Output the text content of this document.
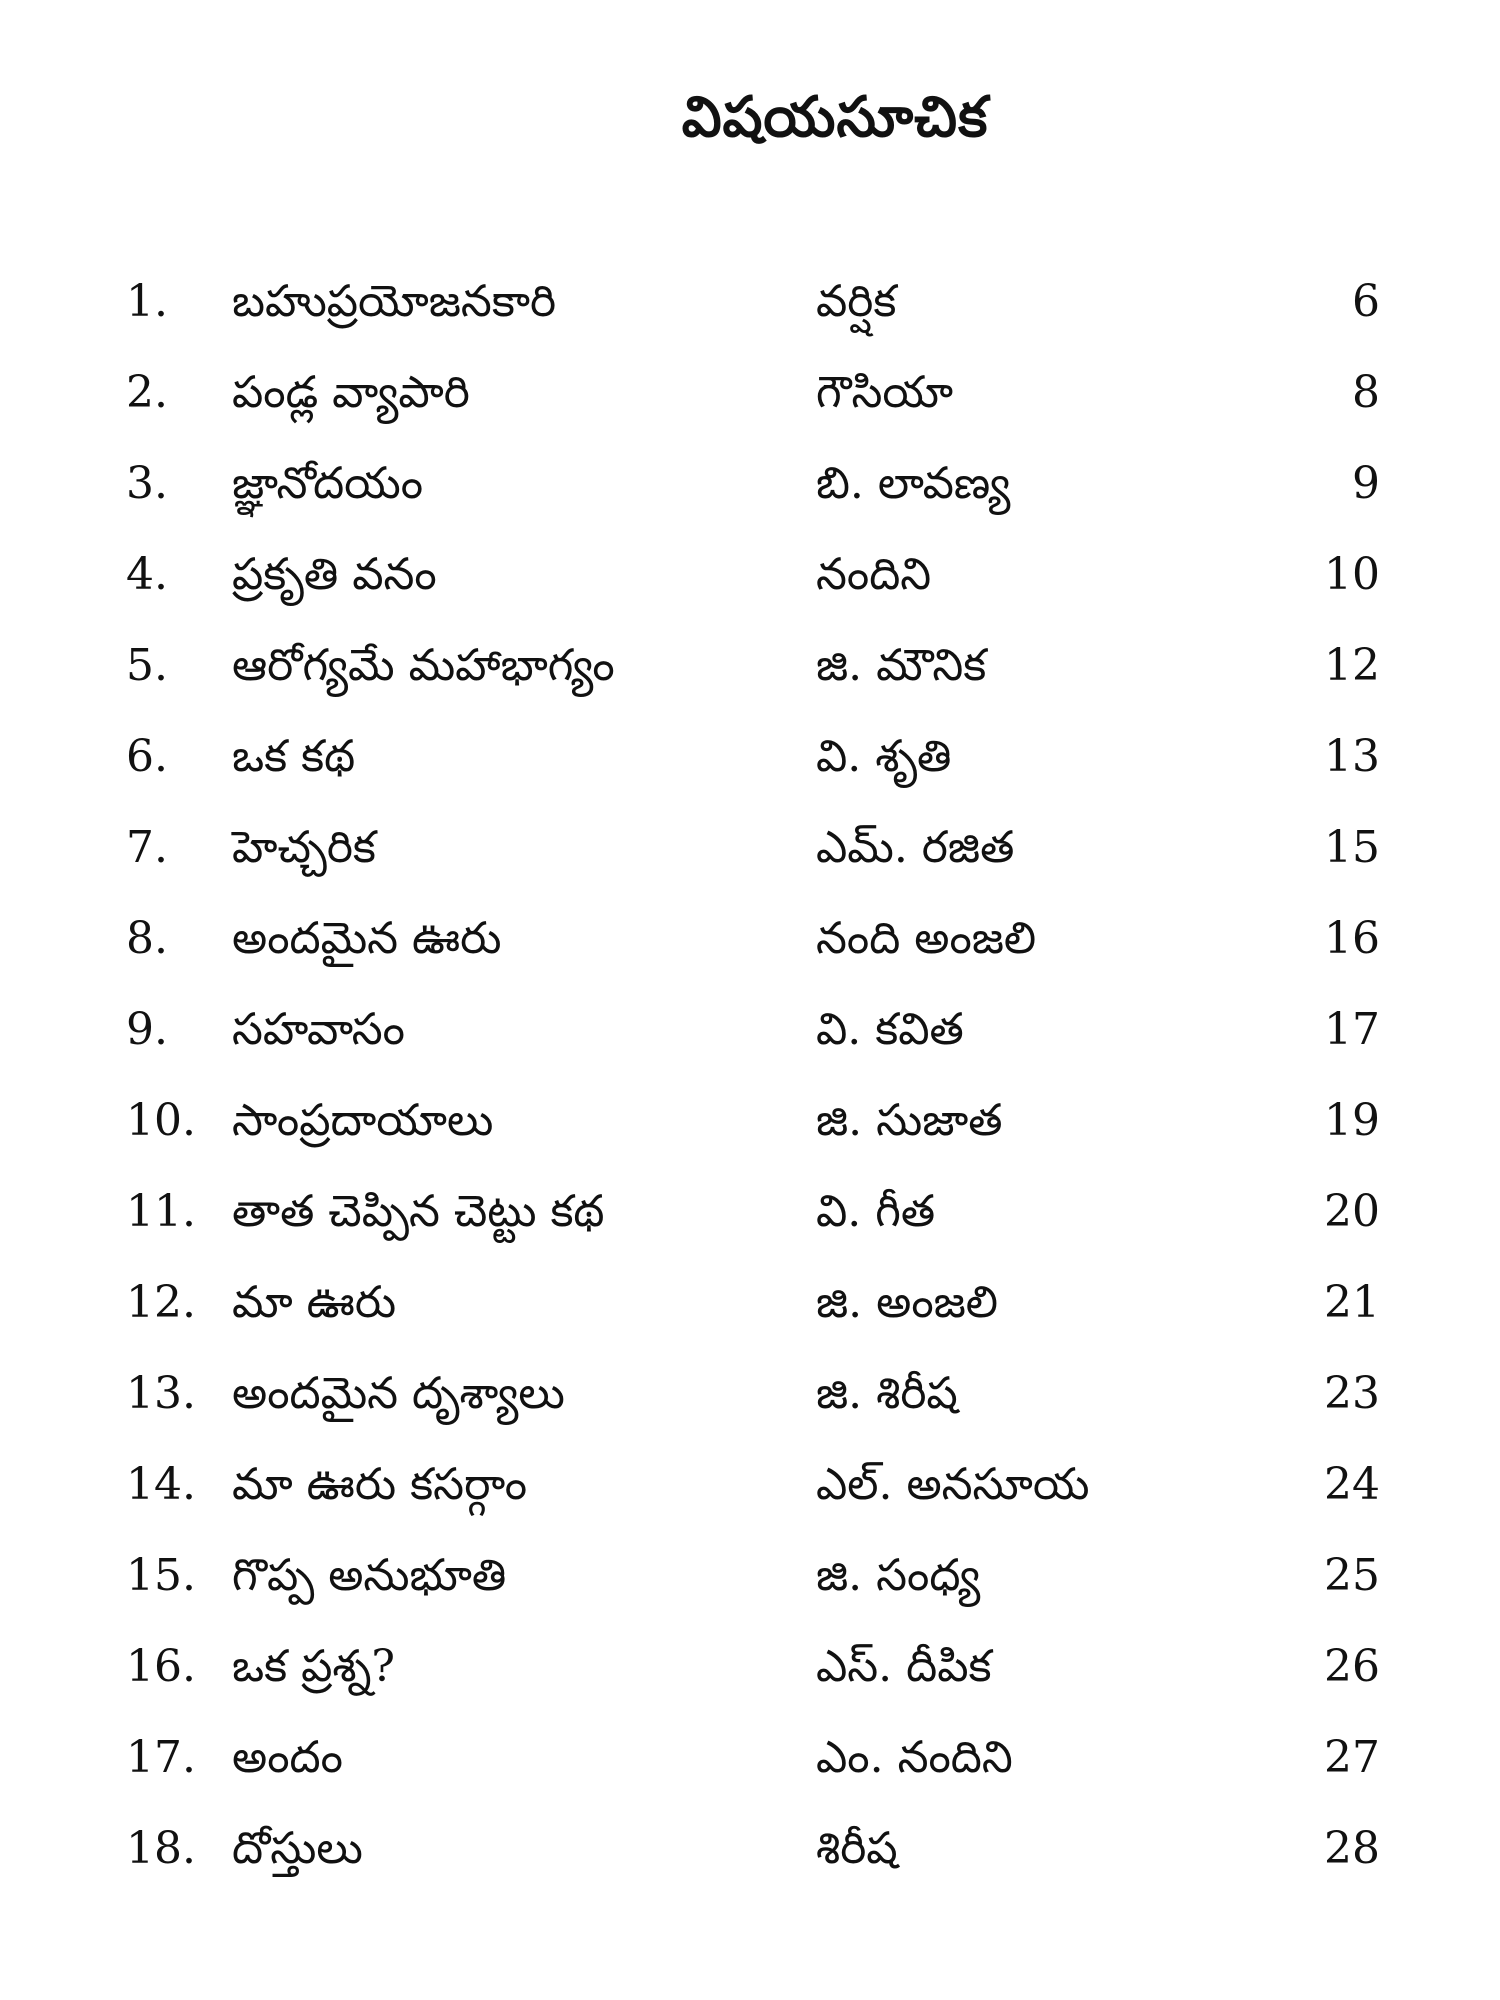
విషయసూచిక
1.	బహుప్రయోజనకారి	వర్షిక	6
2.	పండ్ల వ్యాపారి	గౌసియా	8
3.	జ్ఞానోదయం	బి. లావణ్య	9
4.	ప్రకృతి వనం	నందిని	10
5.	ఆరోగ్యమే మహాభాగ్యం	జి. మౌనిక	12
6.	ఒక కథ	వి. శృతి	13
7.	హెచ్చరిక	ఎమ్. రజిత	15
8.	అందమైన ఊరు	నంది అంజలి	16
9.	సహవాసం	వి. కవిత	17
10. సాంప్రదాయాలు	జి. సుజాత	19
11. తాత చెప్పిన చెట్టు కథ	వి. గీత	20
12. మా ఊరు	జి. అంజలి	21
13. అందమైన దృశ్యాలు	జి. శిరీష	23
14. మా ఊరు కసర్గాం	ఎల్. అనసూయ	24
15. గొప్ప అనుభూతి	జి. సంధ్య	25
16. ఒక ప్రశ్న?	ఎస్. దీపిక	26
17. అందం	ఎం. నందిని	27
18. దోస్తులు	శిరీష	28
